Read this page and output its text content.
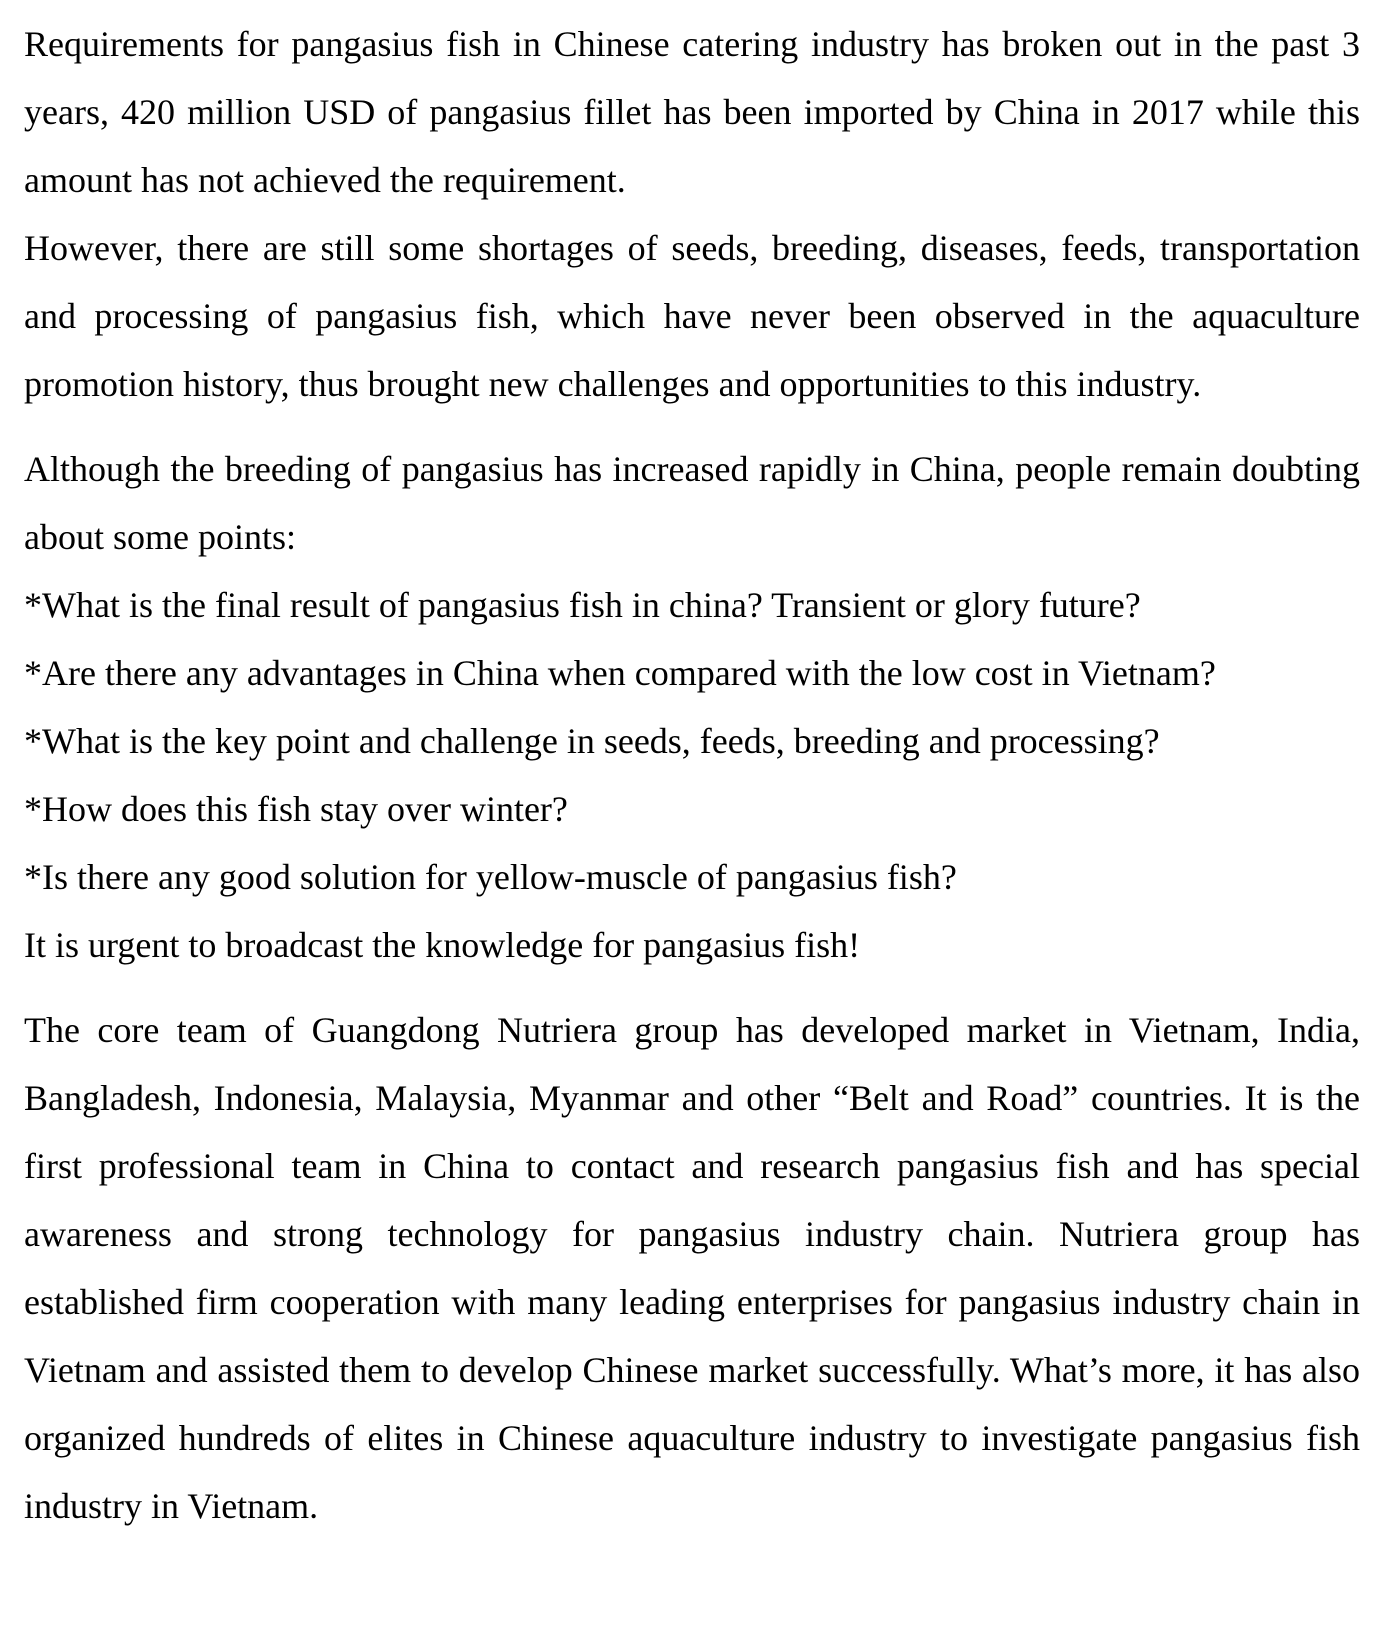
Requirements for pangasius fish in Chinese catering industry has broken out in the past 3 years, 420 million USD of pangasius fillet has been imported by China in 2017 while this amount has not achieved the requirement.

However, there are still some shortages of seeds, breeding, diseases, feeds, transportation and processing of pangasius fish, which have never been observed in the aquaculture promotion history, thus brought new challenges and opportunities to this industry.

Although the breeding of pangasius has increased rapidly in China, people remain doubting about some points:

*What is the final result of pangasius fish in china? Transient or glory future?

*Are there any advantages in China when compared with the low cost in Vietnam?

*What is the key point and challenge in seeds, feeds, breeding and processing?

*How does this fish stay over winter?

*Is there any good solution for yellow-muscle of pangasius fish?

It is urgent to broadcast the knowledge for pangasius fish!

The core team of Guangdong Nutriera group has developed market in Vietnam, India, Bangladesh, Indonesia, Malaysia, Myanmar and other “Belt and Road” countries. It is the first professional team in China to contact and research pangasius fish and has special awareness and strong technology for pangasius industry chain. Nutriera group has established firm cooperation with many leading enterprises for pangasius industry chain in Vietnam and assisted them to develop Chinese market successfully. What’s more, it has also organized hundreds of elites in Chinese aquaculture industry to investigate pangasius fish industry in Vietnam.
